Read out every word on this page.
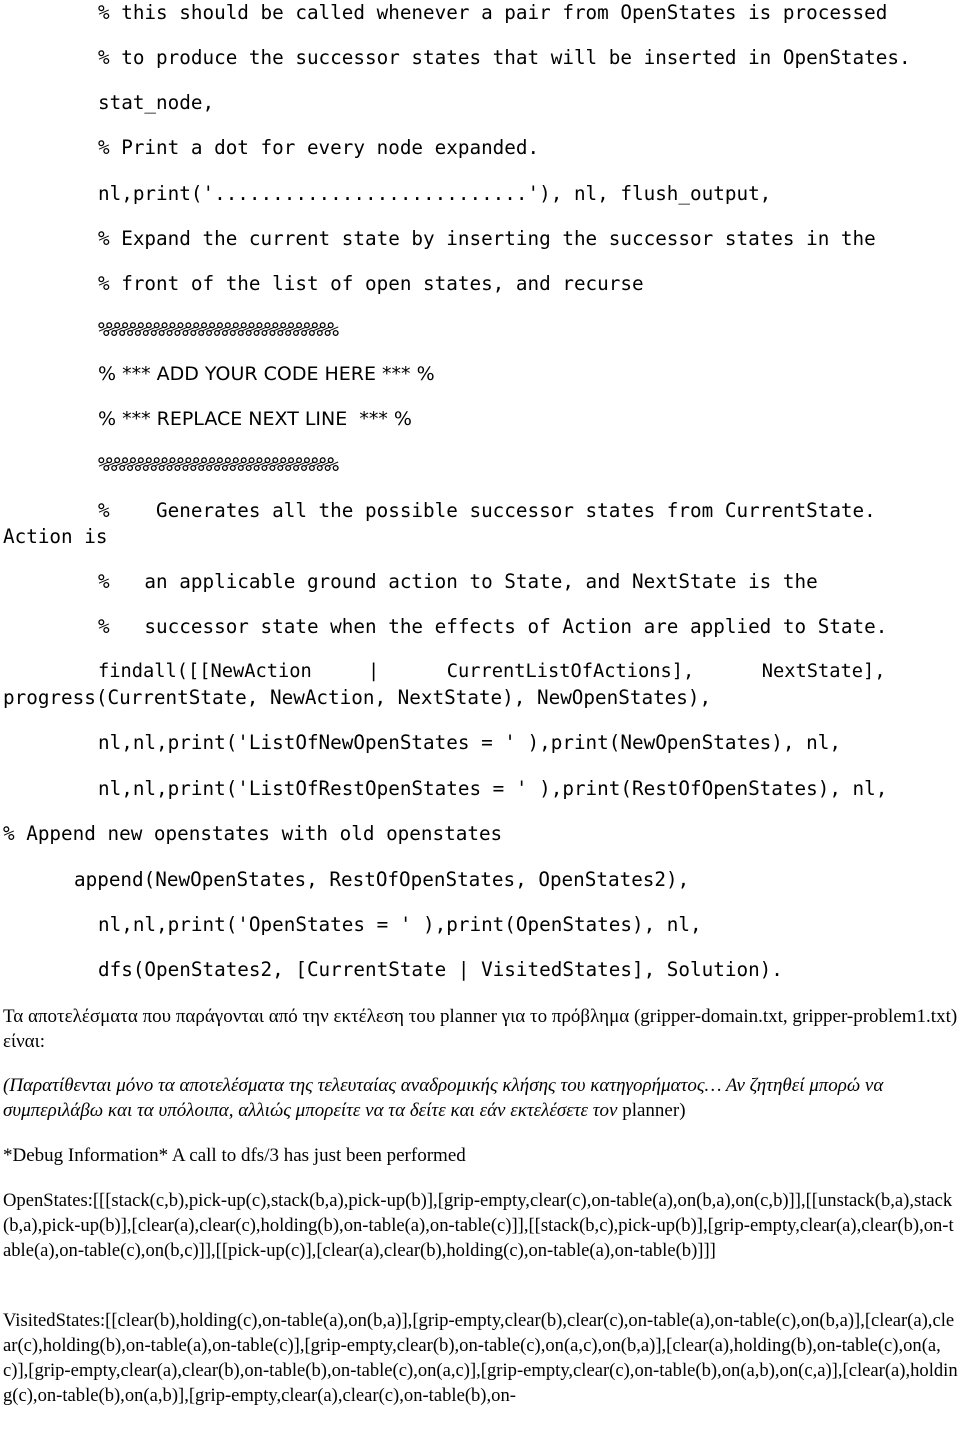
% this should be called whenever a pair from OpenStates is processed
% to produce the successor states that will be inserted in OpenStates.
stat_node,
% Print a dot for every node expanded.
nl,print('...........................'), nl, flush_output,
% Expand the current state by inserting the successor states in the
% front of the list of open states, and recurse
%%%%%%%%%%%%%%%%%%%%%%%%%%%%%%
% *** ADD YOUR CODE HERE *** %
% *** REPLACE NEXT LINE  *** %
%%%%%%%%%%%%%%%%%%%%%%%%%%%%%%
%    Generates all the possible successor states from CurrentState.
Action is
%   an applicable ground action to State, and NextState is the
%   successor state when the effects of Action are applied to State.
findall([[NewAction     |      CurrentListOfActions],      NextState],
progress(CurrentState, NewAction, NextState), NewOpenStates),
nl,nl,print('ListOfNewOpenStates = ' ),print(NewOpenStates), nl,
nl,nl,print('ListOfRestOpenStates = ' ),print(RestOfOpenStates), nl,
% Append new openstates with old openstates
append(NewOpenStates, RestOfOpenStates, OpenStates2),
nl,nl,print('OpenStates = ' ),print(OpenStates), nl,
dfs(OpenStates2, [CurrentState | VisitedStates], Solution).

Τα αποτελέσματα που παράγονται από την εκτέλεση του planner για το πρόβλημα (gripper-domain.txt, gripper-problem1.txt) είναι:

(Παρατίθενται μόνο τα αποτελέσματα της τελευταίας αναδρομικής κλήσης του κατηγορήματος… Αν ζητηθεί μπορώ να συμπεριλάβω και τα υπόλοιπα, αλλιώς μπορείτε να τα δείτε και εάν εκτελέσετε τον planner)

*Debug Information* A call to dfs/3 has just been performed

OpenStates:[[[stack(c,b),pick-up(c),stack(b,a),pick-up(b)],[grip-empty,clear(c),on-table(a),on(b,a),on(c,b)]],[[unstack(b,a),stack(b,a),pick-up(b)],[clear(a),clear(c),holding(b),on-table(a),on-table(c)]],[[stack(b,c),pick-up(b)],[grip-empty,clear(a),clear(b),on-table(a),on-table(c),on(b,c)]],[[pick-up(c)],[clear(a),clear(b),holding(c),on-table(a),on-table(b)]]]

VisitedStates:[[clear(b),holding(c),on-table(a),on(b,a)],[grip-empty,clear(b),clear(c),on-table(a),on-table(c),on(b,a)],[clear(a),clear(c),holding(b),on-table(a),on-table(c)],[grip-empty,clear(b),on-table(c),on(a,c),on(b,a)],[clear(a),holding(b),on-table(c),on(a,c)],[grip-empty,clear(a),clear(b),on-table(b),on-table(c),on(a,c)],[grip-empty,clear(c),on-table(b),on(a,b),on(c,a)],[clear(a),holding(c),on-table(b),on(a,b)],[grip-empty,clear(a),clear(c),on-table(b),on-
